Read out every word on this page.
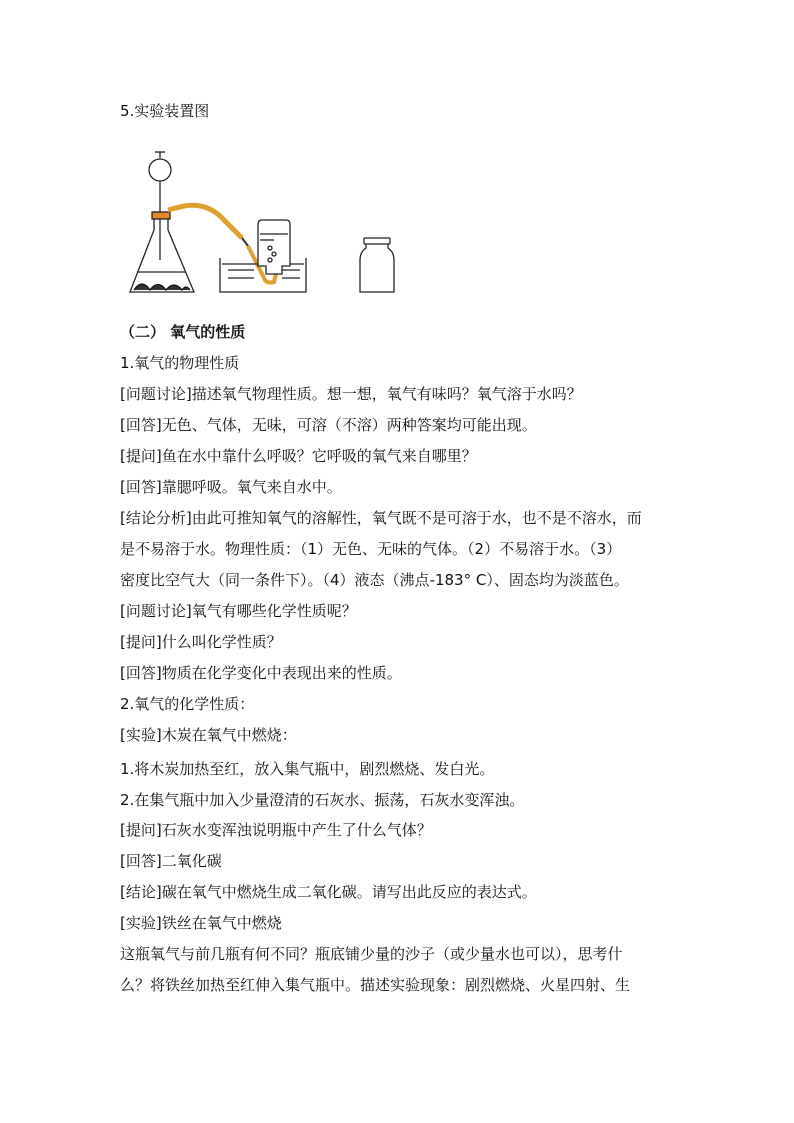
5.实验装置图
（二） 氧气的性质
1.氧气的物理性质
[问题讨论]描述氧气物理性质。想一想，氧气有味吗？氧气溶于水吗？
[回答]无色、气体，无味，可溶（不溶）两种答案均可能出现。
[提问]鱼在水中靠什么呼吸？它呼吸的氧气来自哪里？
[回答]靠腮呼吸。氧气来自水中。
[结论分析]由此可推知氧气的溶解性，氧气既不是可溶于水，也不是不溶水，而
是不易溶于水。物理性质：（1）无色、无味的气体。（2）不易溶于水。（3）
密度比空气大（同一条件下）。（4）液态（沸点-183° C）、固态均为淡蓝色。
[问题讨论]氧气有哪些化学性质呢？
[提问]什么叫化学性质？
[回答]物质在化学变化中表现出来的性质。
2.氧气的化学性质：
[实验]木炭在氧气中燃烧：
1.将木炭加热至红，放入集气瓶中，剧烈燃烧、发白光。
2.在集气瓶中加入少量澄清的石灰水、振荡，石灰水变浑浊。
[提问]石灰水变浑浊说明瓶中产生了什么气体？
[回答]二氧化碳
[结论]碳在氧气中燃烧生成二氧化碳。请写出此反应的表达式。
[实验]铁丝在氧气中燃烧
这瓶氧气与前几瓶有何不同？瓶底铺少量的沙子（或少量水也可以），思考什
么？将铁丝加热至红伸入集气瓶中。描述实验现象：剧烈燃烧、火星四射、生
